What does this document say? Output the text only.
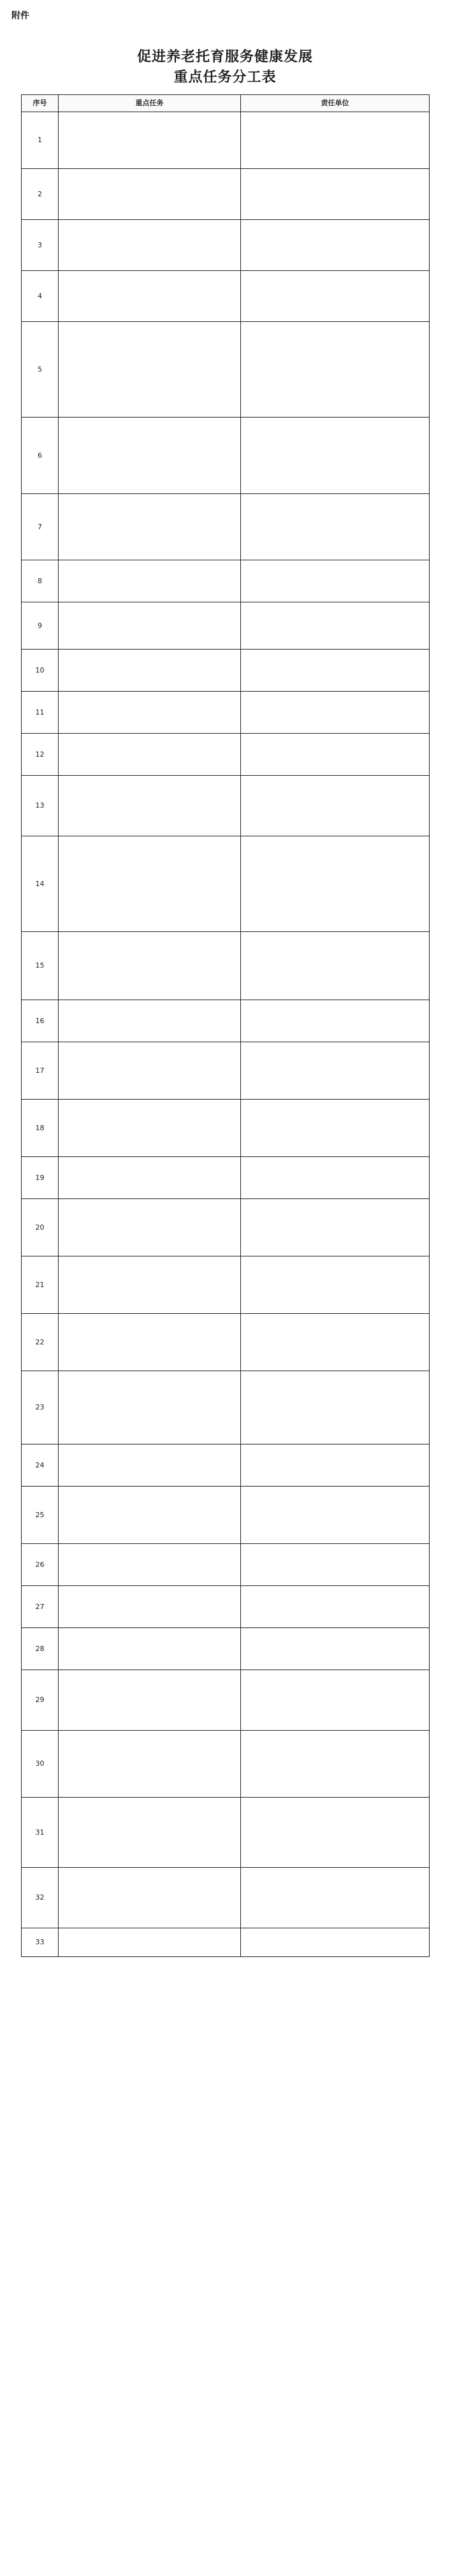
附件
促进养老托育服务健康发展
重点任务分工表
序号	重点任务	责任单位
1		
2		
3		
4		
5		
6		
7		
8		
9		
10		
11		
12		
13		
14		
15		
16		
17		
18		
19		
20		
21		
22		
23		
24		
25		
26		
27		
28		
29		
30		
31		
32		
33		
